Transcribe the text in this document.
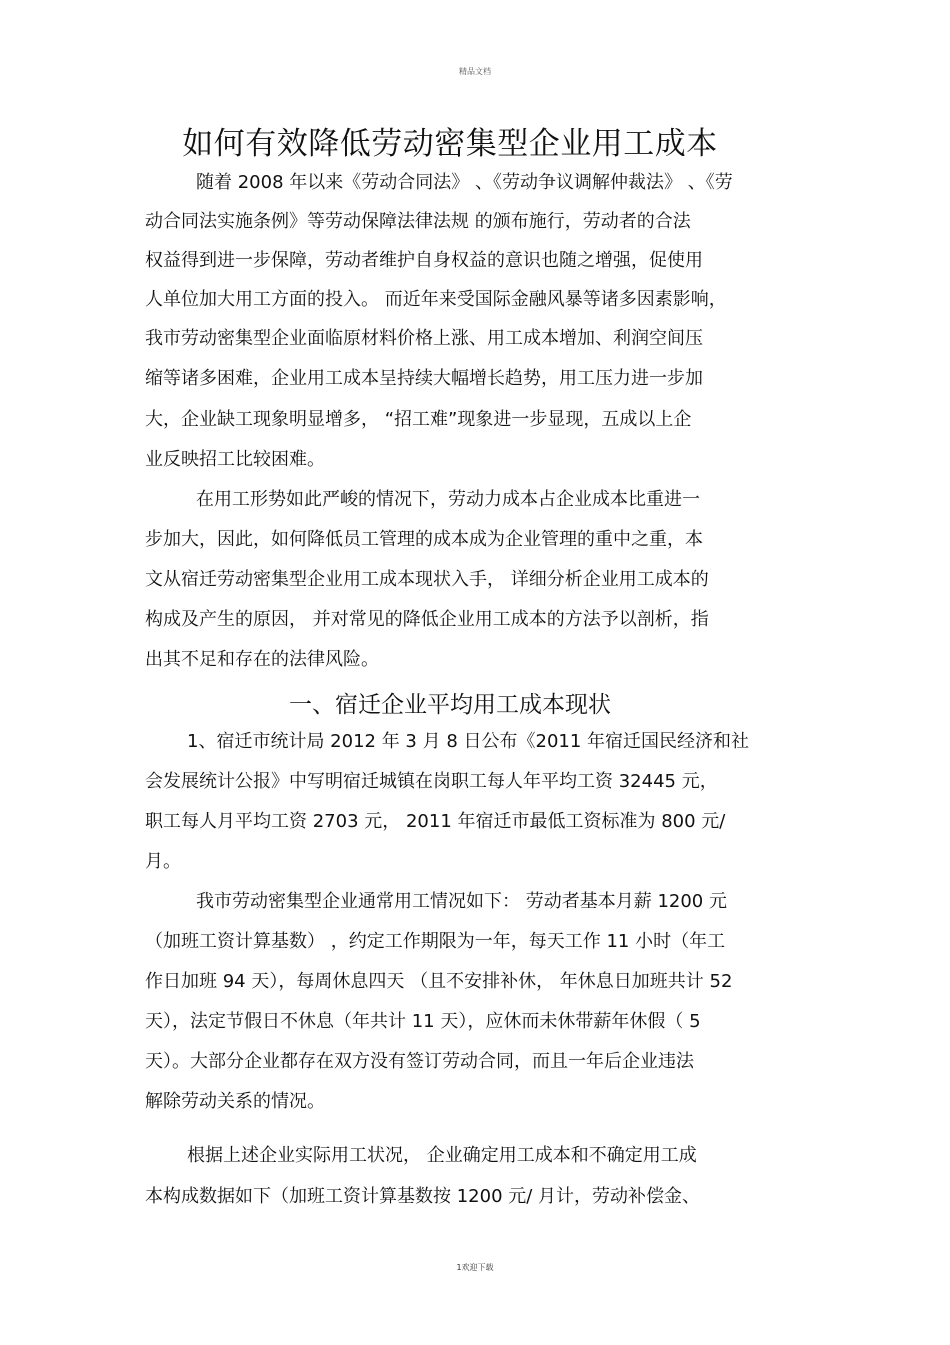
精品文档
如何有效降低劳动密集型企业用工成本
随着 2008 年以来《劳动合同法》 、《劳动争议调解仲裁法》 、《劳
动合同法实施条例》等劳动保障法律法规 的颁布施行，劳动者的合法
权益得到进一步保障，劳动者维护自身权益的意识也随之增强，促使用
人单位加大用工方面的投入。 而近年来受国际金融风暴等诸多因素影响，
我市劳动密集型企业面临原材料价格上涨、用工成本增加、利润空间压
缩等诸多困难，企业用工成本呈持续大幅增长趋势，用工压力进一步加
大，企业缺工现象明显增多， “招工难”现象进一步显现，五成以上企
业反映招工比较困难。
在用工形势如此严峻的情况下，劳动力成本占企业成本比重进一
步加大，因此，如何降低员工管理的成本成为企业管理的重中之重，本
文从宿迁劳动密集型企业用工成本现状入手， 详细分析企业用工成本的
构成及产生的原因， 并对常见的降低企业用工成本的方法予以剖析，指
出其不足和存在的法律风险。
一、宿迁企业平均用工成本现状
1、宿迁市统计局 2012 年 3 月 8 日公布《2011 年宿迁国民经济和社
会发展统计公报》中写明宿迁城镇在岗职工每人年平均工资 32445 元，
职工每人月平均工资 2703 元， 2011 年宿迁市最低工资标准为 800 元/
月。
我市劳动密集型企业通常用工情况如下： 劳动者基本月薪 1200 元
（加班工资计算基数） ，约定工作期限为一年，每天工作 11 小时（年工
作日加班 94 天），每周休息四天 （且不安排补休， 年休息日加班共计 52
天），法定节假日不休息（年共计 11 天），应休而未休带薪年休假（ 5
天）。大部分企业都存在双方没有签订劳动合同，而且一年后企业违法
解除劳动关系的情况。
根据上述企业实际用工状况， 企业确定用工成本和不确定用工成
本构成数据如下（加班工资计算基数按 1200 元/ 月计，劳动补偿金、
1欢迎下载
